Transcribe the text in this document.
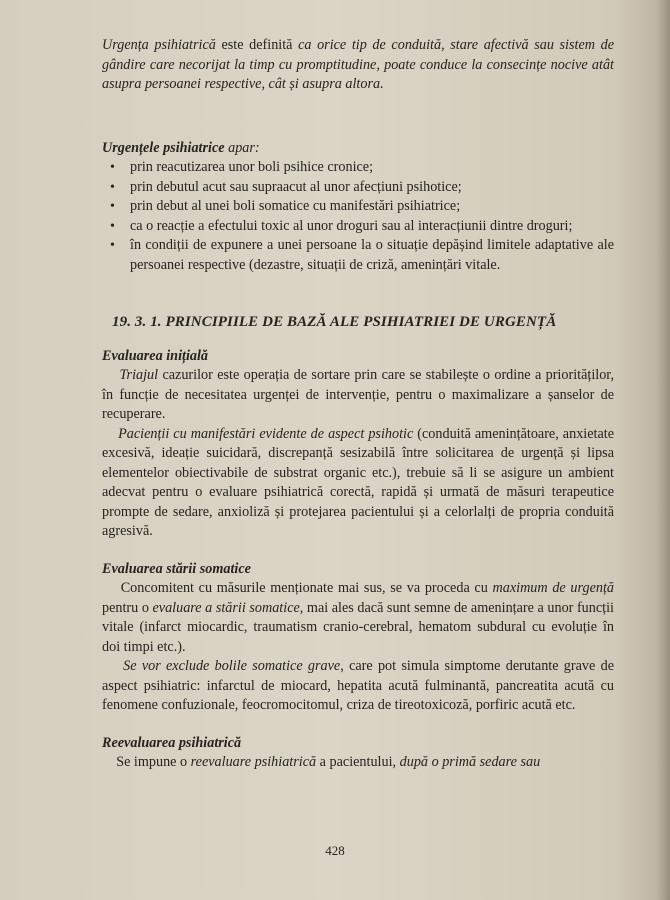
Urgența psihiatrică este definită ca orice tip de conduită, stare afectivă sau sistem de gândire care necorijat la timp cu promptitudine, poate conduce la consecințe nocive atât asupra persoanei respective, cât și asupra altora.

Urgențele psihiatrice apar:

• prin reacutizarea unor boli psihice cronice;
• prin debutul acut sau supraacut al unor afecțiuni psihotice;
• prin debut al unei boli somatice cu manifestări psihiatrice;
• ca o reacție a efectului toxic al unor droguri sau al interacțiunii dintre droguri;
• în condiții de expunere a unei persoane la o situație depășind limitele adaptative ale persoanei respective (dezastre, situații de criză, amenințări vitale.

19. 3. 1. PRINCIPIILE DE BAZĂ ALE PSIHIATRIEI DE URGENȚĂ

Evaluarea inițială

Triajul cazurilor este operația de sortare prin care se stabilește o ordine a priorităților, în funcție de necesitatea urgenței de intervenție, pentru o maximalizare a șanselor de recuperare.

Pacienții cu manifestări evidente de aspect psihotic (conduită amenințătoare, anxietate excesivă, ideație suicidară, discrepanță sesizabilă între solicitarea de urgență și lipsa elementelor obiectivabile de substrat organic etc.), trebuie să li se asigure un ambient adecvat pentru o evaluare psihiatrică corectă, rapidă și urmată de măsuri terapeutice prompte de sedare, anxioliză și protejarea pacientului și a celorlalți de propria conduită agresivă.

Evaluarea stării somatice

Concomitent cu măsurile menționate mai sus, se va proceda cu maximum de urgență pentru o evaluare a stării somatice, mai ales dacă sunt semne de amenințare a unor funcții vitale (infarct miocardic, traumatism cranio-cerebral, hematom subdural cu evoluție în doi timpi etc.).

Se vor exclude bolile somatice grave, care pot simula simptome derutante grave de aspect psihiatric: infarctul de miocard, hepatita acută fulminantă, pancreatita acută cu fenomene confuzionale, feocromocitomul, criza de tireotoxicoză, porfiric acută etc.

Reevaluarea psihiatrică

Se impune o reevaluare psihiatrică a pacientului, după o primă sedare sau

428
